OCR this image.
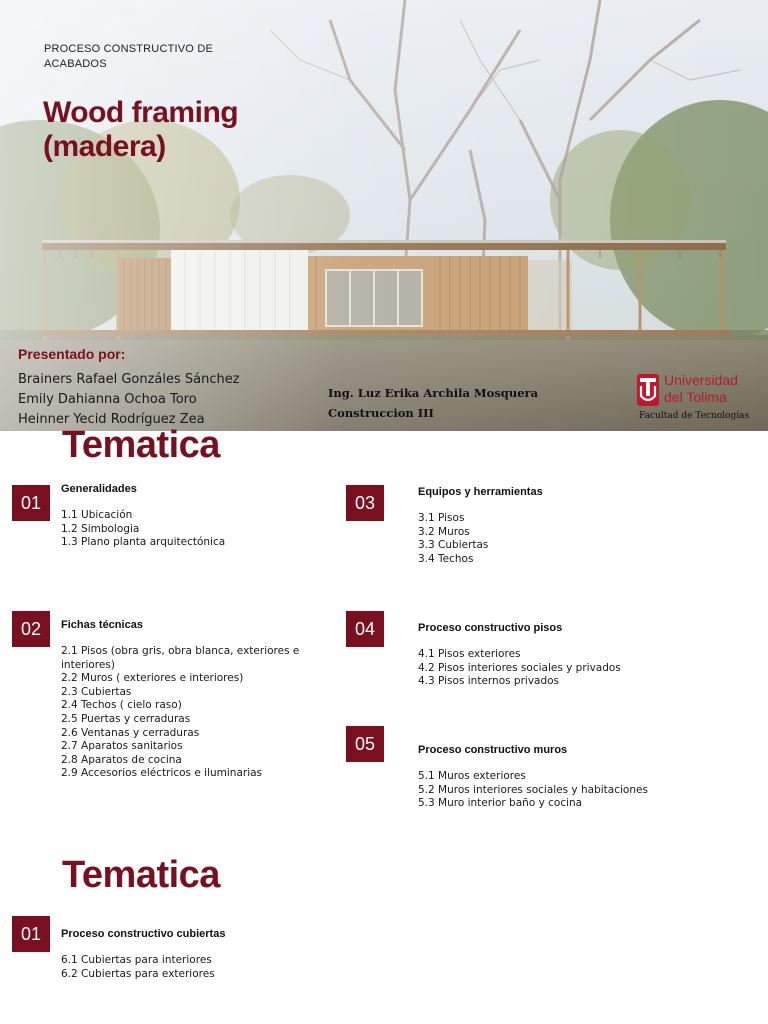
PROCESO CONSTRUCTIVO DE ACABADOS
Wood framing
(madera)
Presentado por:
Brainers Rafael Gonzáles Sánchez
Emily Dahianna Ochoa Toro
Heinner Yecid Rodríguez Zea
Ing. Luz Erika Archila Mosquera
Construccion III
Universidad
del Tolima
Facultad de Tecnologías
Tematica
01
Generalidades
1.1 Ubicación
1.2 Simbologia
1.3 Plano planta arquitectónica
02	Fichas técnicas
2.1 Pisos (obra gris, obra blanca, exteriores e interiores)
2.2 Muros ( exteriores e interiores)
2.3 Cubiertas
2.4 Techos ( cielo raso)
2.5 Puertas y cerraduras
2.6 Ventanas y cerraduras
2.7 Aparatos sanitarios
2.8 Aparatos de cocina
2.9 Accesorios eléctricos e iluminarias
03
Equipos y herramientas
3.1 Pisos
3.2 Muros
3.3 Cubiertas
3.4 Techos
04	Proceso constructivo pisos
4.1 Pisos exteriores
4.2 Pisos interiores sociales y privados
4.3 Pisos internos privados
05	Proceso constructivo muros
5.1 Muros exteriores
5.2 Muros interiores sociales y habitaciones
5.3 Muro interior baño y cocina
Tematica
01	Proceso constructivo cubiertas
6.1 Cubiertas para interiores
6.2 Cubiertas para exteriores
